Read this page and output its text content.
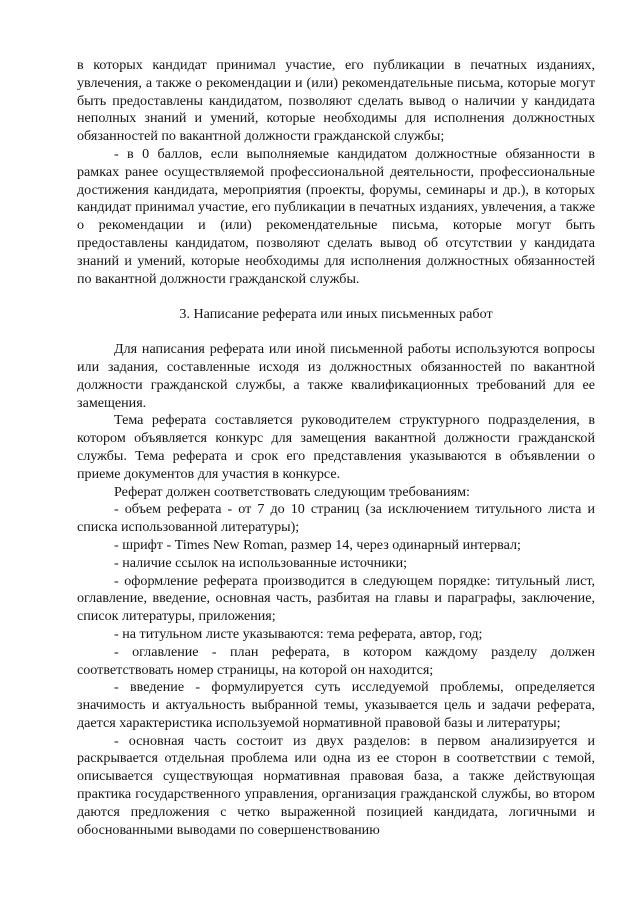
в которых кандидат принимал участие, его публикации в печатных изданиях, увлечения, а также о рекомендации и (или) рекомендательные письма, которые могут быть предоставлены кандидатом, позволяют сделать вывод о наличии у кандидата неполных знаний и умений, которые необходимы для исполнения должностных обязанностей по вакантной должности гражданской службы;

- в 0 баллов, если выполняемые кандидатом должностные обязанности в рамках ранее осуществляемой профессиональной деятельности, профессиональные достижения кандидата, мероприятия (проекты, форумы, семинары и др.), в которых кандидат принимал участие, его публикации в печатных изданиях, увлечения, а также о рекомендации и (или) рекомендательные письма, которые могут быть предоставлены кандидатом, позволяют сделать вывод об отсутствии у кандидата знаний и умений, которые необходимы для исполнения должностных обязанностей по вакантной должности гражданской службы.

3. Написание реферата или иных письменных работ

Для написания реферата или иной письменной работы используются вопросы или задания, составленные исходя из должностных обязанностей по вакантной должности гражданской службы, а также квалификационных требований для ее замещения.

Тема реферата составляется руководителем структурного подразделения, в котором объявляется конкурс для замещения вакантной должности гражданской службы. Тема реферата и срок его представления указываются в объявлении о приеме документов для участия в конкурсе.

Реферат должен соответствовать следующим требованиям:

- объем реферата - от 7 до 10 страниц (за исключением титульного листа и списка использованной литературы);

- шрифт - Times New Roman, размер 14, через одинарный интервал;

- наличие ссылок на использованные источники;

- оформление реферата производится в следующем порядке: титульный лист, оглавление, введение, основная часть, разбитая на главы и параграфы, заключение, список литературы, приложения;

- на титульном листе указываются: тема реферата, автор, год;

- оглавление - план реферата, в котором каждому разделу должен соответствовать номер страницы, на которой он находится;

- введение - формулируется суть исследуемой проблемы, определяется значимость и актуальность выбранной темы, указывается цель и задачи реферата, дается характеристика используемой нормативной правовой базы и литературы;

- основная часть состоит из двух разделов: в первом анализируется и раскрывается отдельная проблема или одна из ее сторон в соответствии с темой, описывается существующая нормативная правовая база, а также действующая практика государственного управления, организация гражданской службы, во втором даются предложения с четко выраженной позицией кандидата, логичными и обоснованными выводами по совершенствованию
